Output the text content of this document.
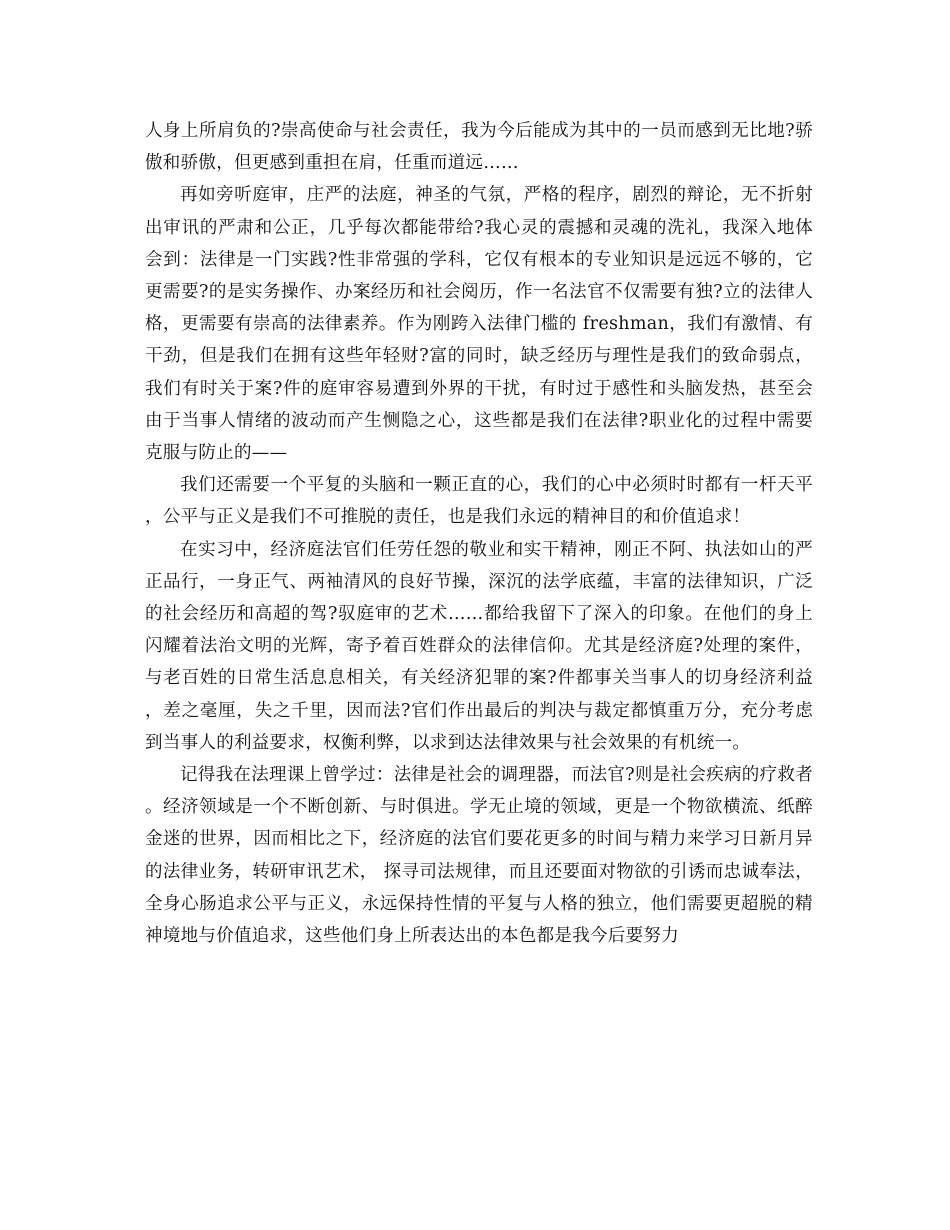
人身上所肩负的?崇高使命与社会责任，我为今后能成为其中的一员而感到无比地?骄傲和骄傲，但更感到重担在肩，任重而道远……

再如旁听庭审，庄严的法庭，神圣的气氛，严格的程序，剧烈的辩论，无不折射出审讯的严肃和公正，几乎每次都能带给?我心灵的震撼和灵魂的洗礼，我深入地体会到：法律是一门实践?性非常强的学科，它仅有根本的专业知识是远远不够的，它更需要?的是实务操作、办案经历和社会阅历，作一名法官不仅需要有独?立的法律人格，更需要有崇高的法律素养。作为刚跨入法律门槛的 freshman，我们有激情、有干劲，但是我们在拥有这些年轻财?富的同时，缺乏经历与理性是我们的致命弱点，我们有时关于案?件的庭审容易遭到外界的干扰，有时过于感性和头脑发热，甚至会由于当事人情绪的波动而产生恻隐之心，这些都是我们在法律?职业化的过程中需要克服与防止的——

我们还需要一个平复的头脑和一颗正直的心，我们的心中必须时时都有一杆天平，公平与正义是我们不可推脱的责任，也是我们永远的精神目的和价值追求！

在实习中，经济庭法官们任劳任怨的敬业和实干精神，刚正不阿、执法如山的严正品行，一身正气、两袖清风的良好节操，深沉的法学底蕴，丰富的法律知识，广泛的社会经历和高超的驾?驭庭审的艺术……都给我留下了深入的印象。在他们的身上闪耀着法治文明的光辉，寄予着百姓群众的法律信仰。尤其是经济庭?处理的案件，与老百姓的日常生活息息相关，有关经济犯罪的案?件都事关当事人的切身经济利益，差之毫厘，失之千里，因而法?官们作出最后的判决与裁定都慎重万分，充分考虑到当事人的利益要求，权衡利弊，以求到达法律效果与社会效果的有机统一。

记得我在法理课上曾学过：法律是社会的调理器，而法官?则是社会疾病的疗救者。经济领域是一个不断创新、与时俱进。学无止境的领域，更是一个物欲横流、纸醉金迷的世界，因而相比之下，经济庭的法官们要花更多的时间与精力来学习日新月异的法律业务，转研审讯艺术， 探寻司法规律，而且还要面对物欲的引诱而忠诚奉法，全身心肠追求公平与正义，永远保持性情的平复与人格的独立，他们需要更超脱的精神境地与价值追求，这些他们身上所表达出的本色都是我今后要努力
